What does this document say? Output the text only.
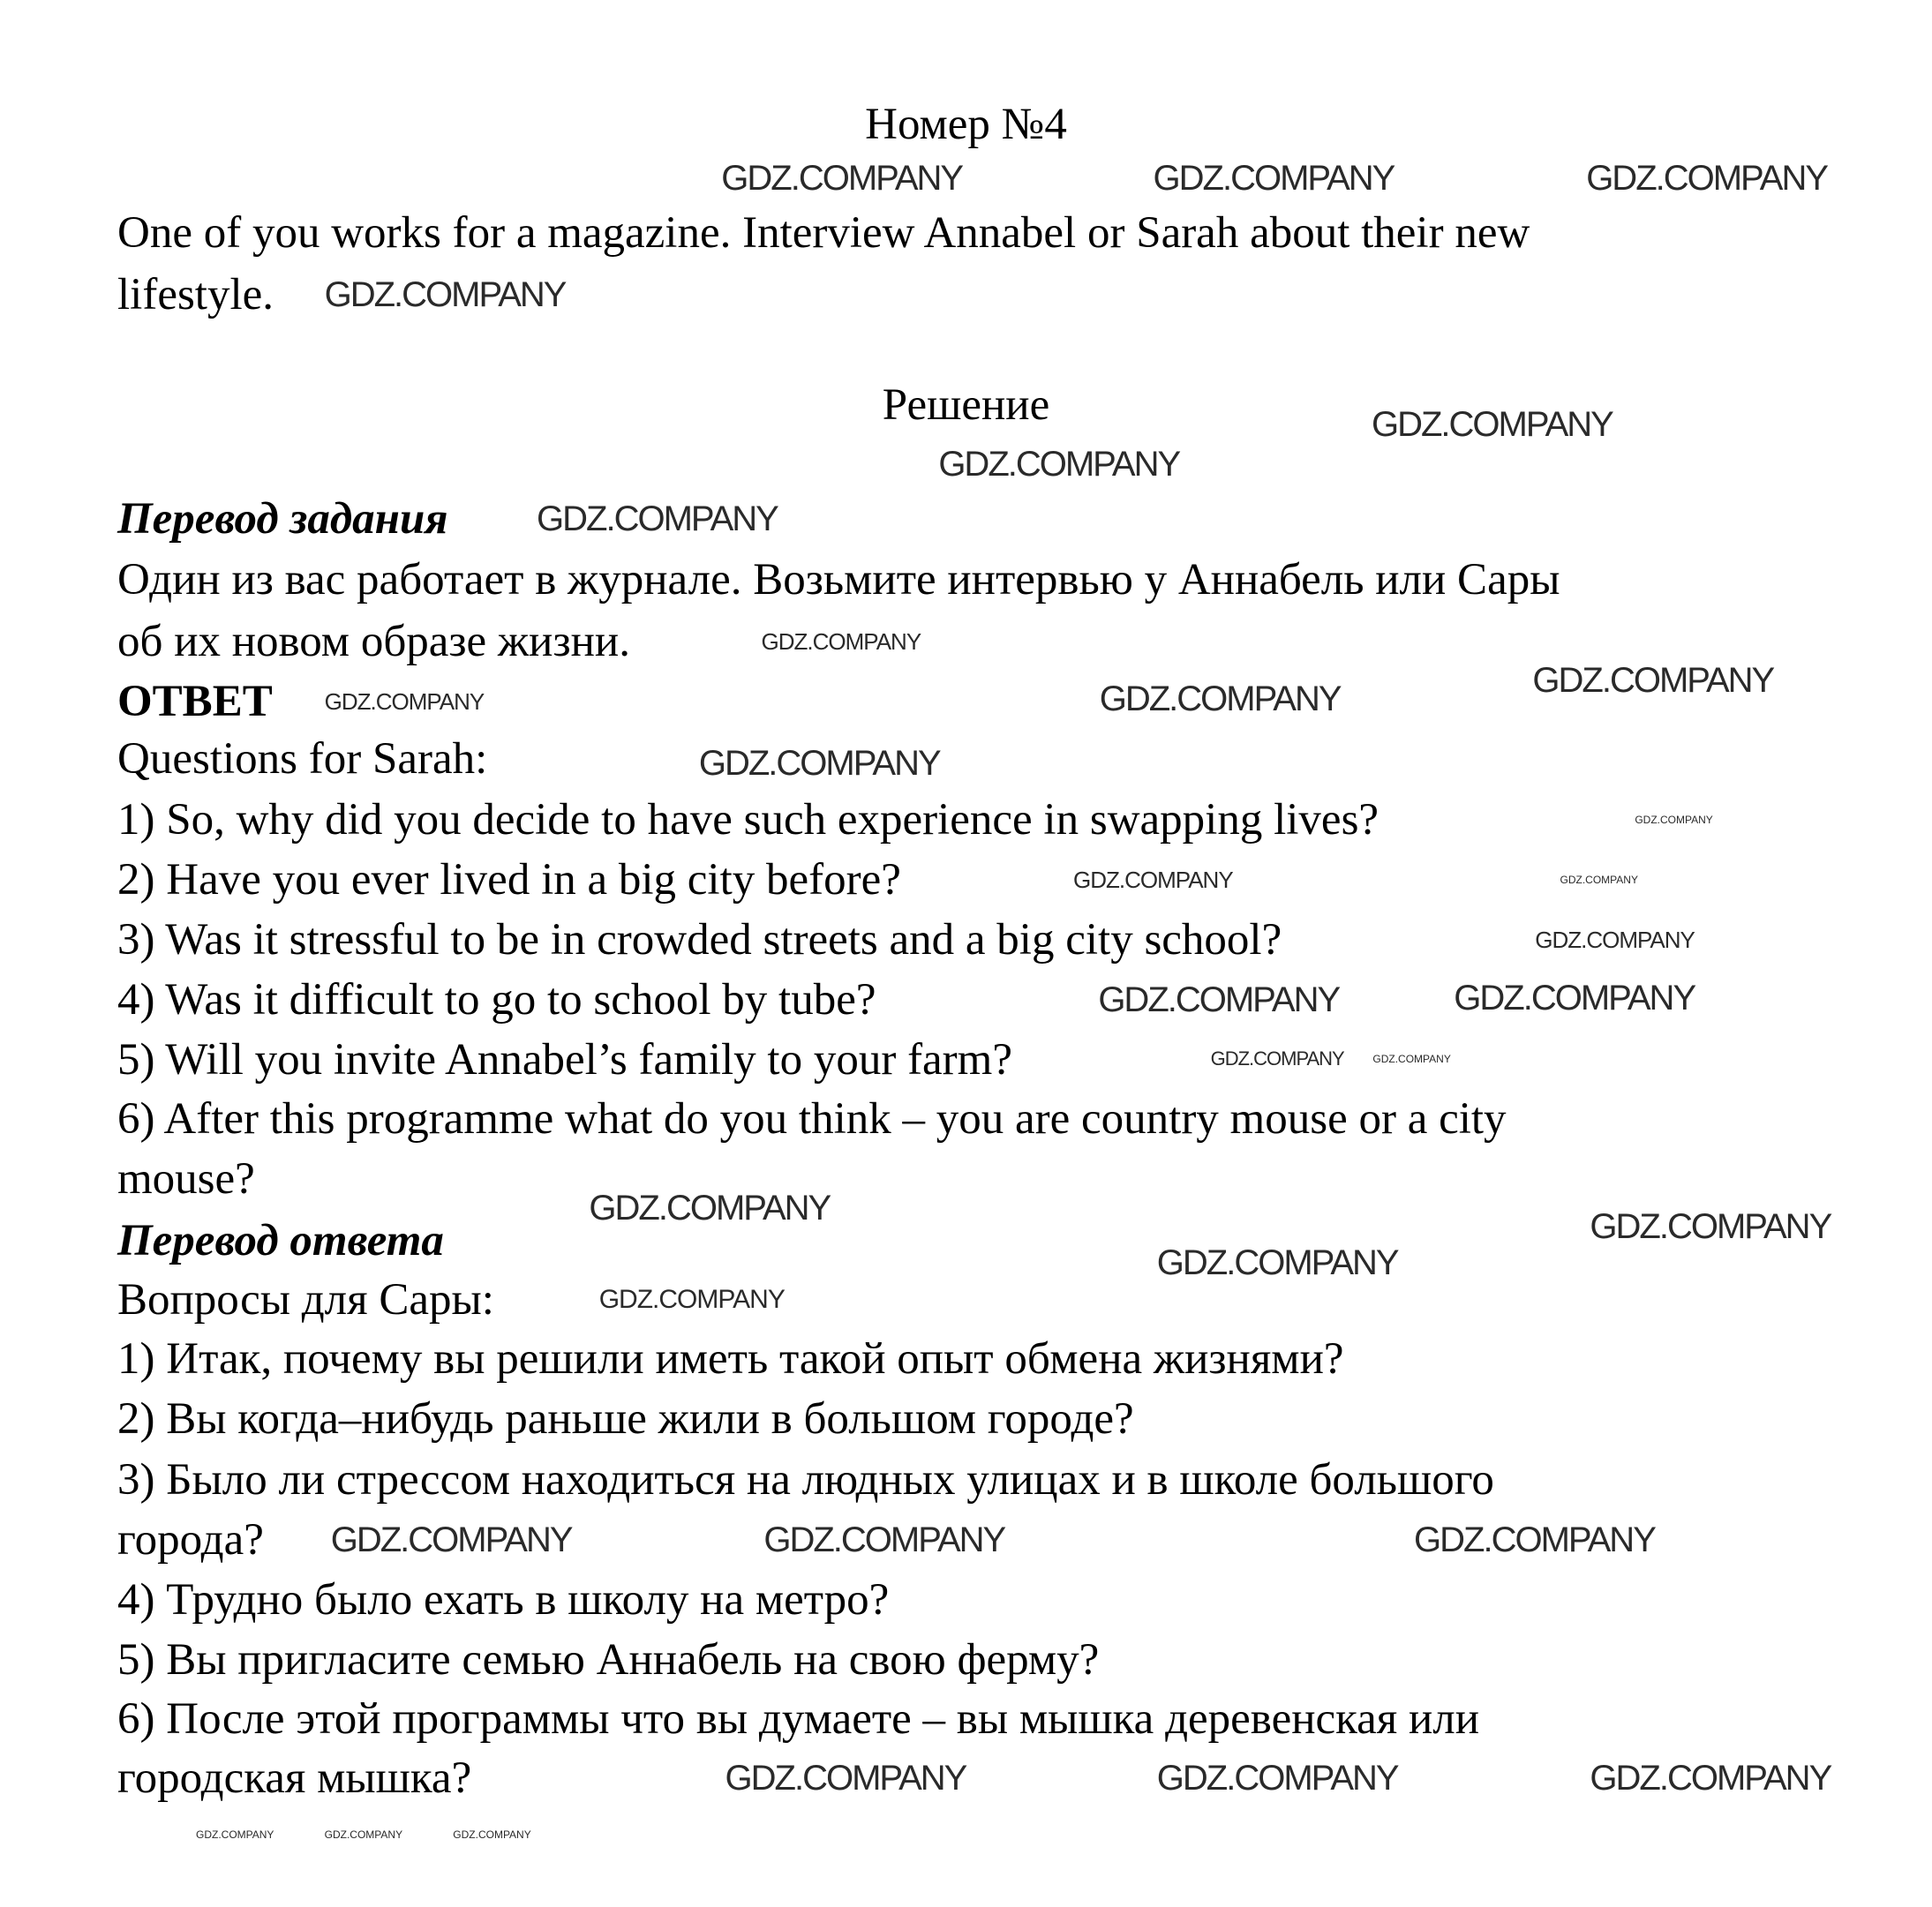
Номер №4
One of you works for a magazine. Interview Annabel or Sarah about their new
lifestyle.
Решение
Перевод задания
Один из вас работает в журнале. Возьмите интервью у Аннабель или Сары
об их новом образе жизни.
ОТВЕТ
Questions for Sarah:
1) So, why did you decide to have such experience in swapping lives?
2) Have you ever lived in a big city before?
3) Was it stressful to be in crowded streets and a big city school?
4) Was it difficult to go to school by tube?
5) Will you invite Annabel’s family to your farm?
6) After this programme what do you think – you are country mouse or a city
mouse?
Перевод ответа
Вопросы для Сары:
1) Итак, почему вы решили иметь такой опыт обмена жизнями?
2) Вы когда–нибудь раньше жили в большом городе?
3) Было ли стрессом находиться на людных улицах и в школе большого
города?
4) Трудно было ехать в школу на метро?
5) Вы пригласите семью Аннабель на свою ферму?
6) После этой программы что вы думаете – вы мышка деревенская или
городская мышка?
GDZ.COMPANY	GDZ.COMPANY	GDZ.COMPANY
GDZ.COMPANY
GDZ.COMPANY
GDZ.COMPANY
GDZ.COMPANY
GDZ.COMPANY	GDZ.COMPANY
GDZ.COMPANY
GDZ.COMPANY
GDZ.COMPANY
GDZ.COMPANY	GDZ.COMPANY
GDZ.COMPANY
GDZ.COMPANY	GDZ.COMPANY	GDZ.COMPANY
GDZ.COMPANY	GDZ.COMPANY	GDZ.COMPANY
GDZ.COMPANY
GDZ.COMPANY
GDZ.COMPANY
GDZ.COMPANY
GDZ.COMPANY
GDZ.COMPANY
GDZ.COMPANY
GDZ.COMPANY
GDZ.COMPANY
GDZ.COMPANY	GDZ.COMPANY	GDZ.COMPANY
